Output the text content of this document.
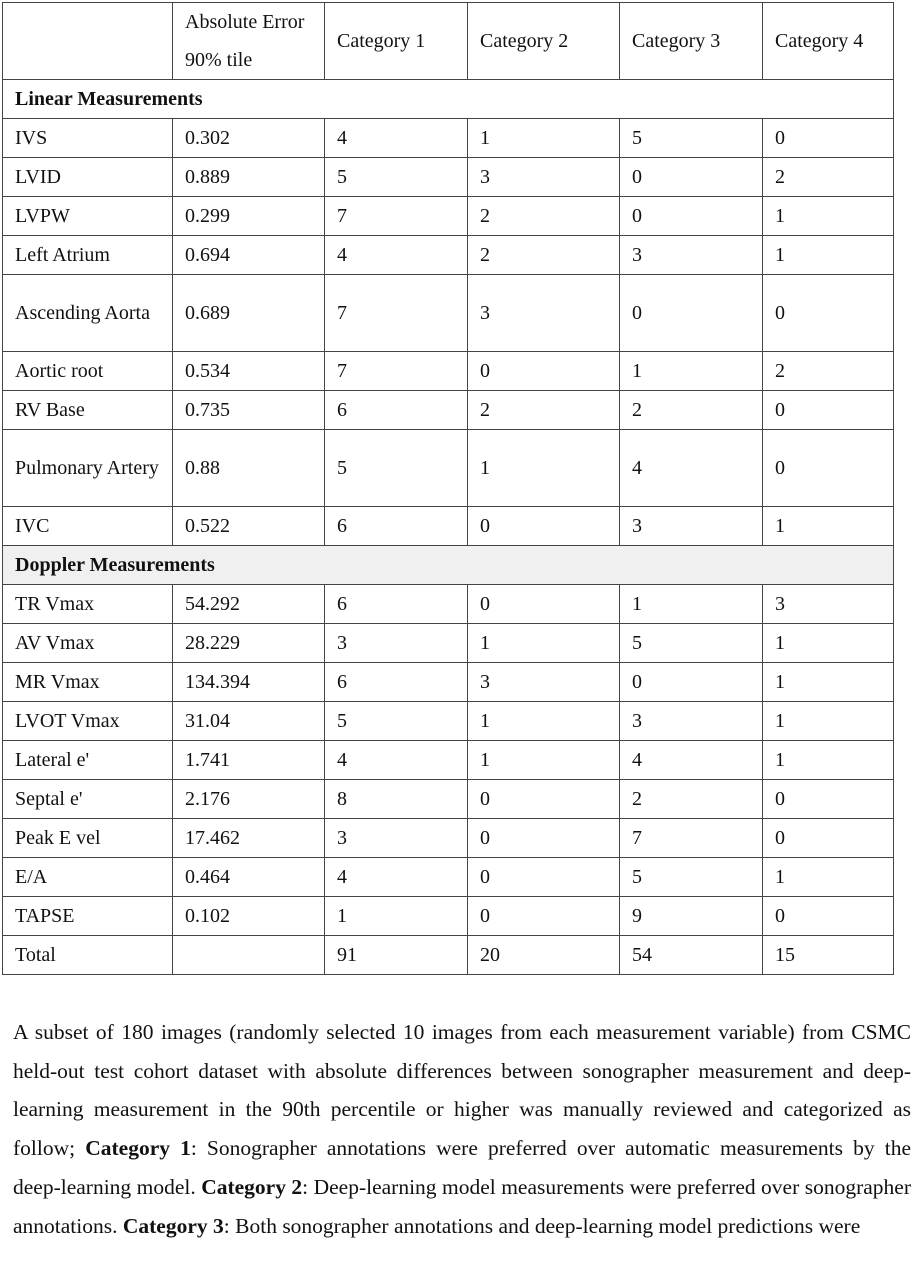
	Absolute Error 90% tile	Category 1	Category 2	Category 3	Category 4
Linear Measurements					
IVS	0.302	4	1	5	0
LVID	0.889	5	3	0	2
LVPW	0.299	7	2	0	1
Left Atrium	0.694	4	2	3	1
Ascending Aorta	0.689	7	3	0	0
Aortic root	0.534	7	0	1	2
RV Base	0.735	6	2	2	0
Pulmonary Artery	0.88	5	1	4	0
IVC	0.522	6	0	3	1
Doppler Measurements					
TR Vmax	54.292	6	0	1	3
AV Vmax	28.229	3	1	5	1
MR Vmax	134.394	6	3	0	1
LVOT Vmax	31.04	5	1	3	1
Lateral e'	1.741	4	1	4	1
Septal e'	2.176	8	0	2	0
Peak E vel	17.462	3	0	7	0
E/A	0.464	4	0	5	1
TAPSE	0.102	1	0	9	0
Total		91	20	54	15

A subset of 180 images (randomly selected 10 images from each measurement variable) from CSMC held-out test cohort dataset with absolute differences between sonographer measurement and deep-learning measurement in the 90th percentile or higher was manually reviewed and categorized as follow; Category 1: Sonographer annotations were preferred over automatic measurements by the deep-learning model. Category 2: Deep-learning model measurements were preferred over sonographer annotations. Category 3: Both sonographer annotations and deep-learning model predictions were
